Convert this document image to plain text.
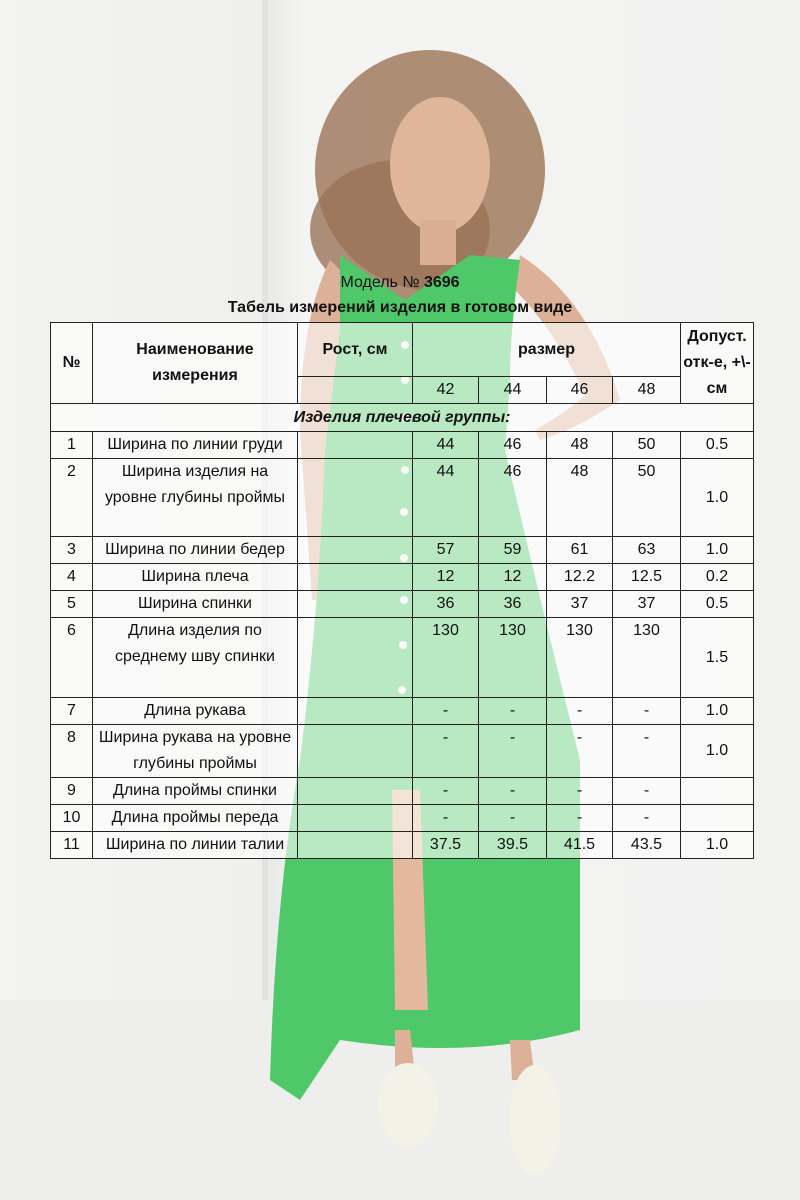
Модель № 3696
Табель измерений изделия в готовом виде
№	Наименование измерения	Рост, см	размер				Допуст. отк-е, +\-см
			42	44	46	48	
Изделия плечевой группы:							
1	Ширина по линии груди		44	46	48	50	0.5
2	Ширина изделия на уровне глубины проймы		44	46	48	50	1.0
3	Ширина по линии бедер		57	59	61	63	1.0
4	Ширина плеча		12	12	12.2	12.5	0.2
5	Ширина спинки		36	36	37	37	0.5
6	Длина изделия по среднему шву спинки		130	130	130	130	1.5
7	Длина рукава		-	-	-	-	1.0
8	Ширина рукава на уровне глубины проймы		-	-	-	-	1.0
9	Длина проймы спинки		-	-	-	-	
10	Длина проймы переда		-	-	-	-	
11	Ширина по линии талии		37.5	39.5	41.5	43.5	1.0
